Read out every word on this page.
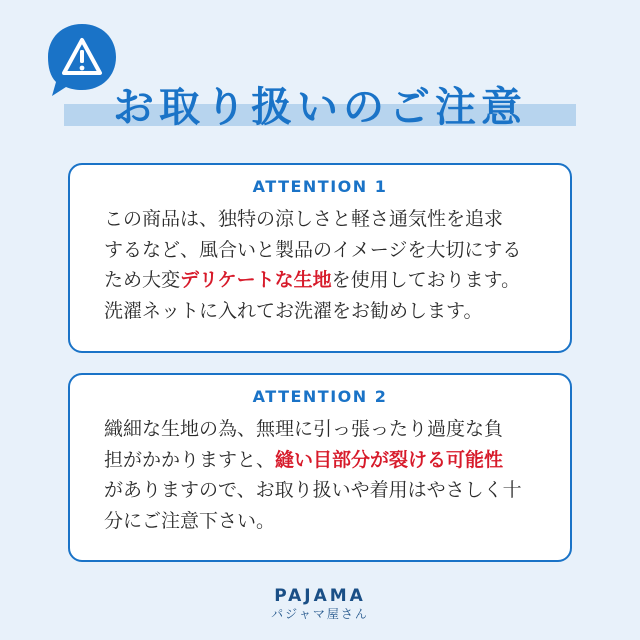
お取り扱いのご注意
ATTENTION 1
この商品は、独特の涼しさと軽さ通気性を追求
するなど、風合いと製品のイメージを大切にする
ため大変デリケートな生地を使用しております。
洗濯ネットに入れてお洗濯をお勧めします。
ATTENTION 2
織細な生地の為、無理に引っ張ったり過度な負
担がかかりますと、縫い目部分が裂ける可能性
がありますので、お取り扱いや着用はやさしく十
分にご注意下さい。
PAJAMA
パジャマ屋さん
